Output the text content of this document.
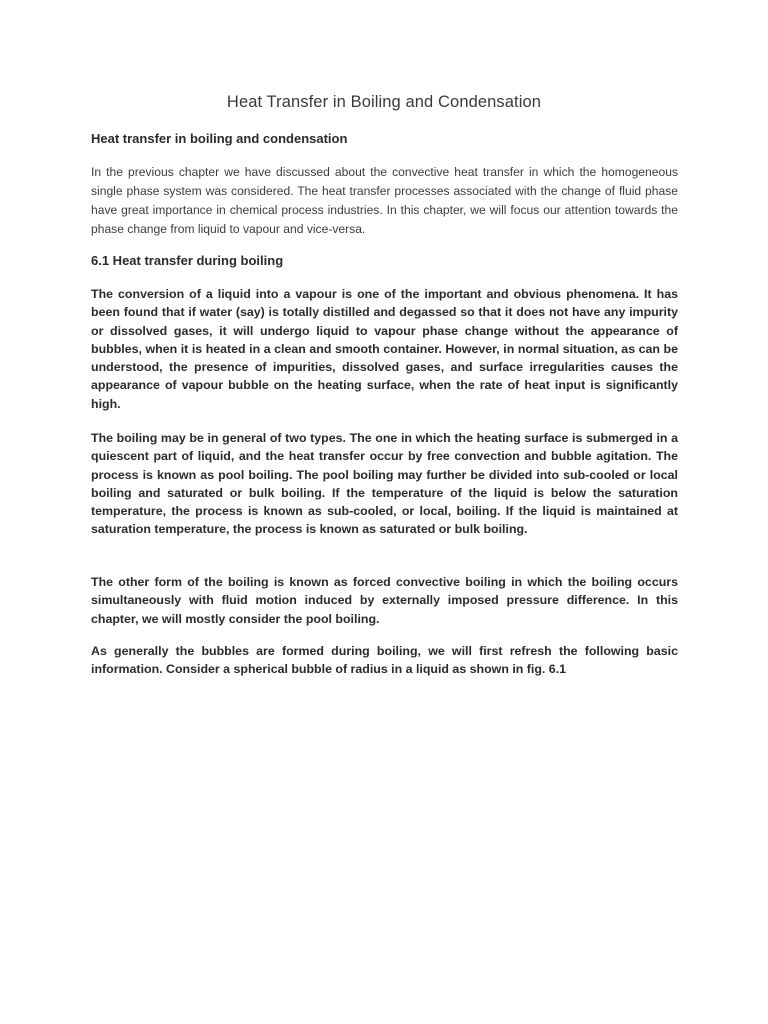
Heat Transfer in Boiling and Condensation
Heat transfer in boiling and condensation

In the previous chapter we have discussed about the convective heat transfer in which the homogeneous single phase system was considered. The heat transfer processes associated with the change of fluid phase have great importance in chemical process industries. In this chapter, we will focus our attention towards the phase change from liquid to vapour and vice-versa.

6.1 Heat transfer during boiling

The conversion of a liquid into a vapour is one of the important and obvious phenomena. It has been found that if water (say) is totally distilled and degassed so that it does not have any impurity or dissolved gases, it will undergo liquid to vapour phase change without the appearance of bubbles, when it is heated in a clean and smooth container. However, in normal situation, as can be understood, the presence of impurities, dissolved gases, and surface irregularities causes the appearance of vapour bubble on the heating surface, when the rate of heat input is significantly high.

The boiling may be in general of two types. The one in which the heating surface is submerged in a quiescent part of liquid, and the heat transfer occur by free convection and bubble agitation. The process is known as pool boiling. The pool boiling may further be divided into sub-cooled or local boiling and saturated or bulk boiling. If the temperature of the liquid is below the saturation temperature, the process is known as sub-cooled, or local, boiling. If the liquid is maintained at saturation temperature, the process is known as saturated or bulk boiling.

The other form of the boiling is known as forced convective boiling in which the boiling occurs simultaneously with fluid motion induced by externally imposed pressure difference. In this chapter, we will mostly consider the pool boiling.

As generally the bubbles are formed during boiling, we will first refresh the following basic information. Consider a spherical bubble of radius in a liquid as shown in fig. 6.1
